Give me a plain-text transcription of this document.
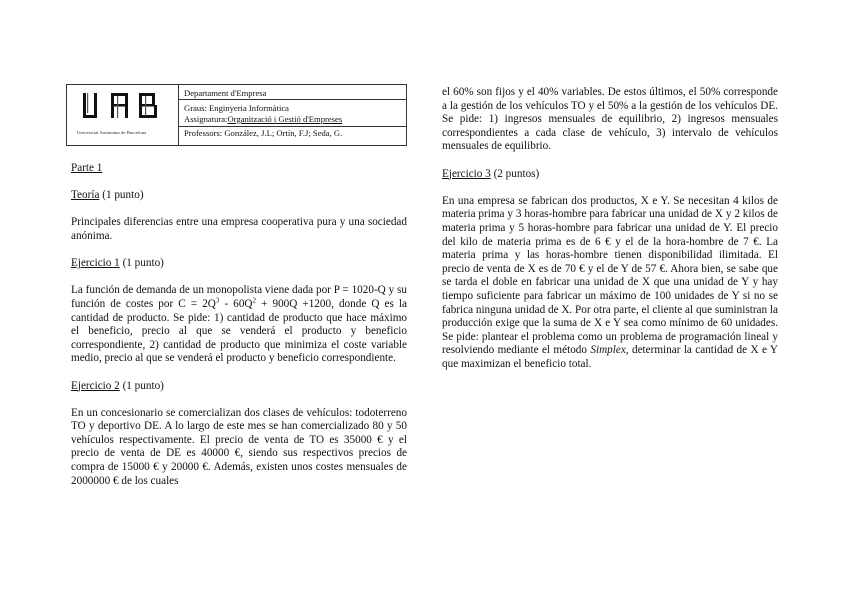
Universitat Autònoma de Barcelona
Departament d'Empresa
Graus: Enginyeria Informàtica
Assignatura:Organització i Gestió d'Empreses
Professors: González, J.L; Ortín, F.J; Seda, G.

Parte 1

Teoría (1 punto)

Principales diferencias entre una empresa cooperativa pura y una sociedad anónima.

Ejercicio 1 (1 punto)

La función de demanda de un monopolista viene dada por P = 1020-Q y su función de costes por $C = 2Q^3 - 60Q^2 + 900Q +1200$, donde Q es la cantidad de producto. Se pide: 1) cantidad de producto que hace máximo el beneficio, precio al que se venderá el producto y beneficio correspondiente, 2) cantidad de producto que minimiza el coste variable medio, precio al que se venderá el producto y beneficio correspondiente.

Ejercicio 2 (1 punto)

En un concesionario se comercializan dos clases de vehículos: todoterreno TO y deportivo DE. A lo largo de este mes se han comercializado 80 y 50 vehículos respectivamente. El precio de venta de TO es 35000 € y el precio de venta de DE es 40000 €, siendo sus respectivos precios de compra de 15000 € y 20000 €. Además, existen unos costes mensuales de 2000000 € de los cuales

el 60% son fijos y el 40% variables. De estos últimos, el 50% corresponde a la gestión de los vehículos TO y el 50% a la gestión de los vehículos DE. Se pide: 1) ingresos mensuales de equilibrio, 2) ingresos mensuales correspondientes a cada clase de vehículo, 3) intervalo de vehículos mensuales de equilibrio.

Ejercicio 3 (2 puntos)

En una empresa se fabrican dos productos, X e Y. Se necesitan 4 kilos de materia prima y 3 horas-hombre para fabricar una unidad de X y 2 kilos de materia prima y 5 horas-hombre para fabricar una unidad de Y. El precio del kilo de materia prima es de 6 € y el de la hora-hombre de 7 €. La materia prima y las horas-hombre tienen disponibilidad ilimitada. El precio de venta de X es de 70 € y el de Y de 57 €. Ahora bien, se sabe que se tarda el doble en fabricar una unidad de X que una unidad de Y y hay tiempo suficiente para fabricar un máximo de 100 unidades de Y si no se fabrica ninguna unidad de X. Por otra parte, el cliente al que suministran la producción exige que la suma de X e Y sea como mínimo de 60 unidades. Se pide: plantear el problema como un problema de programación lineal y resolviendo mediante el método Simplex, determinar la cantidad de X e Y que maximizan el beneficio total.
